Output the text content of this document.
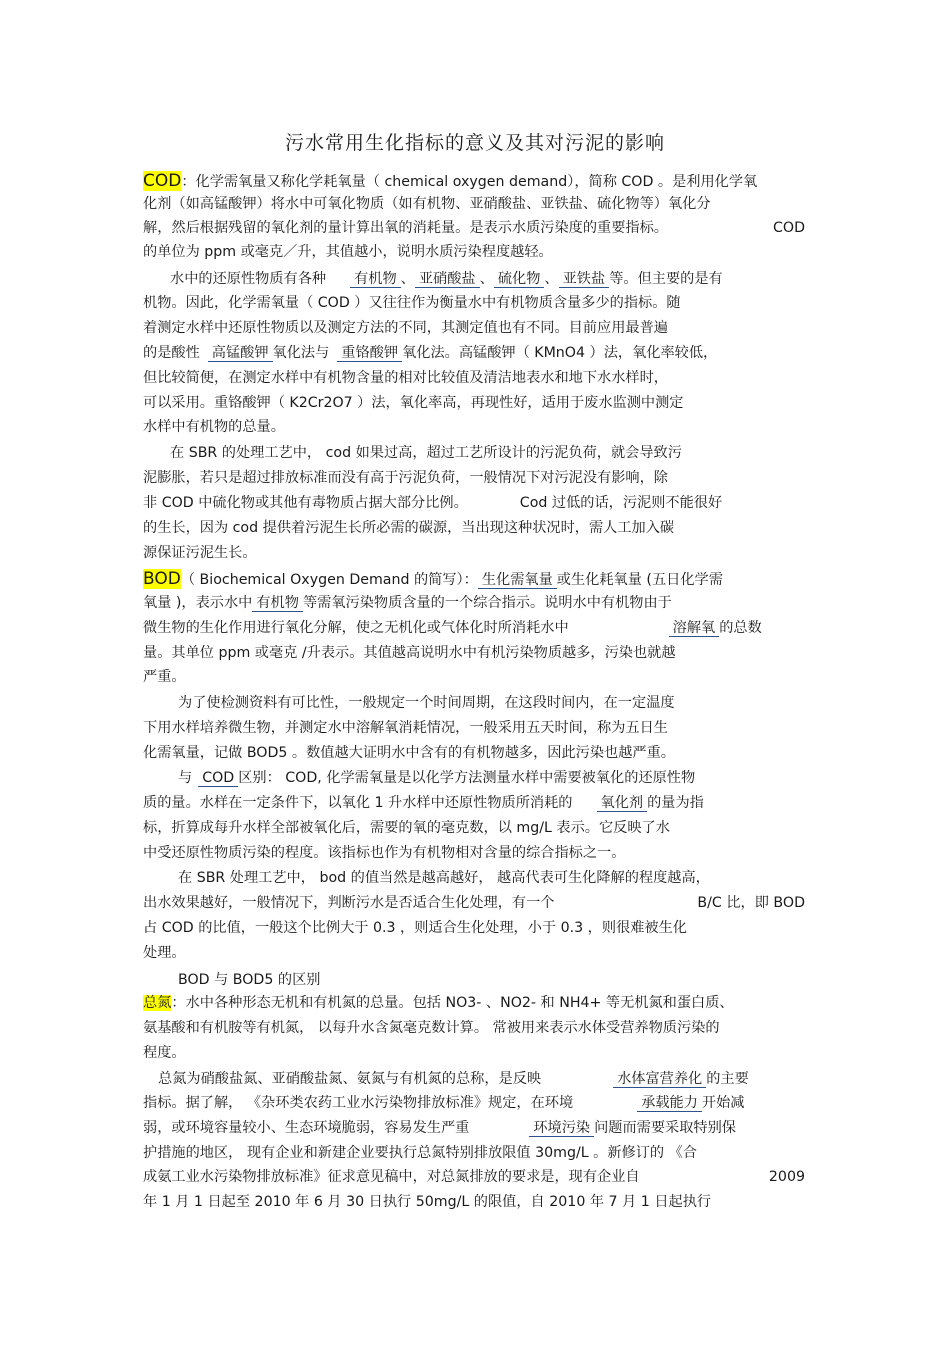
污水常用生化指标的意义及其对污泥的影响
COD：化学需氧量又称化学耗氧量（ chemical oxygen demand），简称 COD 。是利用化学氧
化剂（如高锰酸钾）将水中可氧化物质（如有机物、亚硝酸盐、亚铁盐、硫化物等）氧化分
解，然后根据残留的氧化剂的量计算出氧的消耗量。是表示水质污染度的重要指标。	COD
的单位为 ppm 或毫克／升，其值越小，说明水质污染程度越轻。
水中的还原性物质有各种 有机物 、 亚硝酸盐 、 硫化物 、 亚铁盐 等。但主要的是有
机物。因此，化学需氧量（ COD ）又往往作为衡量水中有机物质含量多少的指标。随
着测定水样中还原性物质以及测定方法的不同，其测定值也有不同。目前应用最普遍
的是酸性 高锰酸钾 氧化法与 重铬酸钾 氧化法。高锰酸钾（ KMnO4 ）法，氧化率较低，
但比较简便，在测定水样中有机物含量的相对比较值及清洁地表水和地下水水样时，
可以采用。重铬酸钾（ K2Cr2O7 ）法，氧化率高，再现性好，适用于废水监测中测定
水样中有机物的总量。
在 SBR 的处理工艺中， cod 如果过高，超过工艺所设计的污泥负荷，就会导致污
泥膨胀，若只是超过排放标准而没有高于污泥负荷，一般情况下对污泥没有影响，除
非 COD 中硫化物或其他有毒物质占据大部分比例。	Cod 过低的话，污泥则不能很好
的生长，因为 cod 提供着污泥生长所必需的碳源，当出现这种状况时，需人工加入碳
源保证污泥生长。
BOD（ Biochemical Oxygen Demand 的简写）： 生化需氧量 或生化耗氧量 (五日化学需
氧量 )，表示水中 有机物 等需氧污染物质含量的一个综合指示。说明水中有机物由于
微生物的生化作用进行氧化分解，使之无机化或气体化时所消耗水中	溶解氧 的总数
量。其单位 ppm 或毫克 /升表示。其值越高说明水中有机污染物质越多，污染也就越
严重。
为了使检测资料有可比性，一般规定一个时间周期，在这段时间内，在一定温度
下用水样培养微生物，并测定水中溶解氧消耗情况，一般采用五天时间，称为五日生
化需氧量，记做 BOD5 。数值越大证明水中含有的有机物越多，因此污染也越严重。
与 COD 区别： COD, 化学需氧量是以化学方法测量水样中需要被氧化的还原性物
质的量。水样在一定条件下，以氧化 1 升水样中还原性物质所消耗的 氧化剂 的量为指
标，折算成每升水样全部被氧化后，需要的氧的毫克数，以 mg/L 表示。它反映了水
中受还原性物质污染的程度。该指标也作为有机物相对含量的综合指标之一。
在 SBR 处理工艺中， bod 的值当然是越高越好， 越高代表可生化降解的程度越高，
出水效果越好，一般情况下，判断污水是否适合生化处理，有一个	B/C 比，即 BOD
占 COD 的比值，一般这个比例大于 0.3 ，则适合生化处理，小于 0.3 ，则很难被生化
处理。
BOD 与 BOD5 的区别
总氮：水中各种形态无机和有机氮的总量。包括 NO3- 、NO2- 和 NH4+ 等无机氮和蛋白质、
氨基酸和有机胺等有机氮， 以每升水含氮毫克数计算。 常被用来表示水体受营养物质污染的
程度。
总氮为硝酸盐氮、亚硝酸盐氮、氨氮与有机氮的总称，是反映	水体富营养化 的主要
指标。据了解， 《杂环类农药工业水污染物排放标准》规定，在环境	承载能力 开始减
弱，或环境容量较小、生态环境脆弱，容易发生严重	环境污染 问题而需要采取特别保
护措施的地区， 现有企业和新建企业要执行总氮特别排放限值 30mg/L 。新修订的 《合
成氨工业水污染物排放标准》征求意见稿中，对总氮排放的要求是，现有企业自	2009
年 1 月 1 日起至 2010 年 6 月 30 日执行 50mg/L 的限值，自 2010 年 7 月 1 日起执行
